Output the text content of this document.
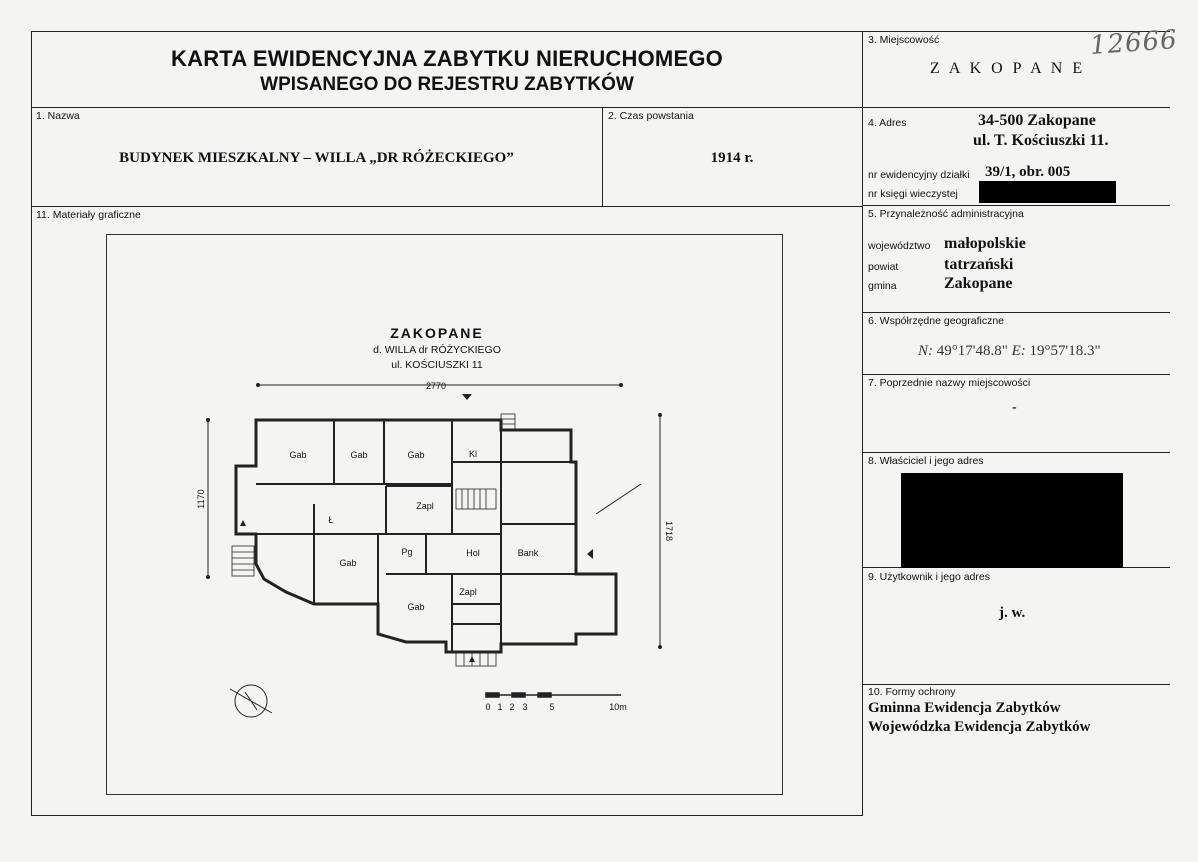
KARTA EWIDENCYJNA ZABYTKU NIERUCHOMEGO
WPISANEGO DO REJESTRU ZABYTKÓW
3. Miejscowość	12666
Z A K O P A N E
1. Nazwa
BUDYNEK MIESZKALNY – WILLA „DR RÓŻECKIEGO”
2. Czas powstania
1914 r.
4. Adres	34-500 Zakopane
ul. T. Kościuszki 11.
nr ewidencyjny działki 39/1, obr. 005
nr księgi wieczystej
5. Przynależność administracyjna
województwo małopolskie
powiat	tatrzański
gmina	Zakopane
6. Współrzędne geograficzne
N: 49°17'48.8" E: 19°57'18.3"
7. Poprzednie nazwy miejscowości
-
8. Właściciel i jego adres
9. Użytkownik i jego adres
j. w.
10. Formy ochrony
Gminna Ewidencja Zabytków
Wojewódzka Ewidencja Zabytków
11. Materiały graficzne
ZAKOPANE
d. WILLA dr RÓŻYCKIEGO
ul. KOŚCIUSZKI 11
2770
1170
1718
Gab	Gab	Gab	Kl
Zapl
Ł
Pg	Hol	Bank
Gab
Zapl
Gab
0 1 2 3 5	10m
